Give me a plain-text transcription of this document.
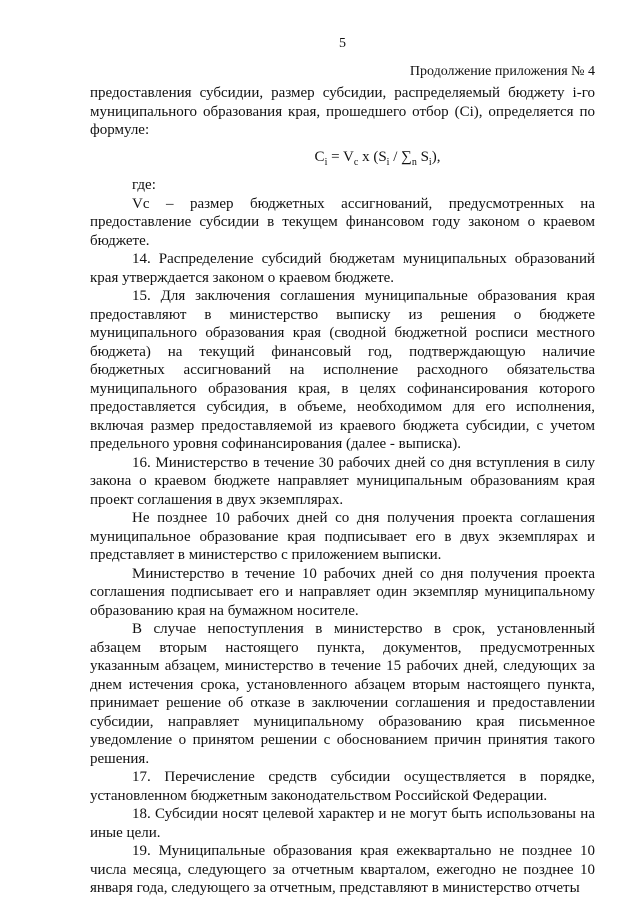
5
Продолжение приложения № 4

предоставления субсидии, размер субсидии, распределяемый бюджету i-го муниципального образования края, прошедшего отбор (Ci), определяется по формуле:

$C_i = V_c$ x ($S_i / \sum_n$ $S_i$),

где:

Vc – размер бюджетных ассигнований, предусмотренных на предоставление субсидии в текущем финансовом году законом о краевом бюджете.

14. Распределение субсидий бюджетам муниципальных образований края утверждается законом о краевом бюджете.

15. Для заключения соглашения муниципальные образования края предоставляют в министерство выписку из решения о бюджете муниципального образования края (сводной бюджетной росписи местного бюджета) на текущий финансовый год, подтверждающую наличие бюджетных ассигнований на исполнение расходного обязательства муниципального образования края, в целях софинансирования которого предоставляется субсидия, в объеме, необходимом для его исполнения, включая размер предоставляемой из краевого бюджета субсидии, с учетом предельного уровня софинансирования (далее - выписка).

16. Министерство в течение 30 рабочих дней со дня вступления в силу закона о краевом бюджете направляет муниципальным образованиям края проект соглашения в двух экземплярах.

Не позднее 10 рабочих дней со дня получения проекта соглашения муниципальное образование края подписывает его в двух экземплярах и представляет в министерство с приложением выписки.

Министерство в течение 10 рабочих дней со дня получения проекта соглашения подписывает его и направляет один экземпляр муниципальному образованию края на бумажном носителе.

В случае непоступления в министерство в срок, установленный абзацем вторым настоящего пункта, документов, предусмотренных указанным абзацем, министерство в течение 15 рабочих дней, следующих за днем истечения срока, установленного абзацем вторым настоящего пункта, принимает решение об отказе в заключении соглашения и предоставлении субсидии, направляет муниципальному образованию края письменное уведомление о принятом решении с обоснованием причин принятия такого решения.

17. Перечисление средств субсидии осуществляется в порядке, установленном бюджетным законодательством Российской Федерации.

18. Субсидии носят целевой характер и не могут быть использованы на иные цели.

19. Муниципальные образования края ежеквартально не позднее 10 числа месяца, следующего за отчетным кварталом, ежегодно не позднее 10 января года, следующего за отчетным, представляют в министерство отчеты
